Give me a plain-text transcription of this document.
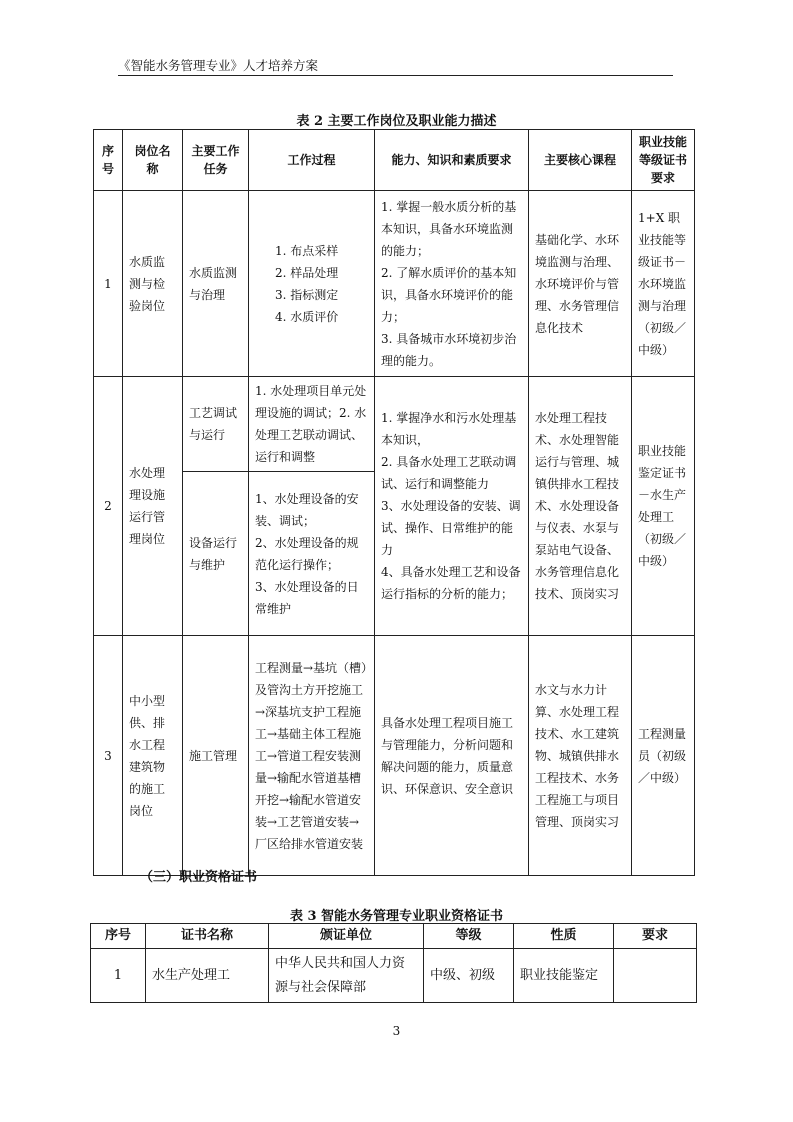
《智能水务管理专业》人才培养方案
表 2 主要工作岗位及职业能力描述
序号	岗位名称	主要工作任务	工作过程	能力、知识和素质要求	主要核心课程	职业技能等级证书要求
1	水质监测与检验岗位	水质监测与治理	1. 布点采样
2. 样品处理
3. 指标测定
4. 水质评价	1. 掌握一般水质分析的基本知识，具备水环境监测的能力；
2. 了解水质评价的基本知识，具备水环境评价的能力；
3. 具备城市水环境初步治理的能力。	基础化学、水环境监测与治理、水环境评价与管理、水务管理信息化技术	1+X 职业技能等级证书－水环境监测与治理（初级／中级）
2	水处理理设施运行管理岗位	工艺调试与运行	1. 水处理项目单元处理设施的调试；2. 水处理工艺联动调试、运行和调整	1. 掌握净水和污水处理基本知识，
2. 具备水处理工艺联动调试、运行和调整能力
3、水处理设备的安装、调试、操作、日常维护的能力
4、具备水处理工艺和设备运行指标的分析的能力；	水处理工程技术、水处理智能运行与管理、城镇供排水工程技术、水处理设备与仪表、水泵与泵站电气设备、水务管理信息化技术、顶岗实习	职业技能鉴定证书－水生产处理工（初级／中级）
		设备运行与维护	1、水处理设备的安装、调试；
2、水处理设备的规范化运行操作；
3、水处理设备的日常维护			
3	中小型供、排水工程建筑物的施工岗位	施工管理	工程测量→基坑（槽）及管沟土方开挖施工→深基坑支护工程施工→基础主体工程施工→管道工程安装测量→输配水管道基槽开挖→输配水管道安装→工艺管道安装→厂区给排水管道安装	具备水处理工程项目施工与管理能力，分析问题和解决问题的能力，质量意识、环保意识、安全意识	水文与水力计算、水处理工程技术、水工建筑物、城镇供排水工程技术、水务工程施工与项目管理、顶岗实习	工程测量员（初级／中级）
（三）职业资格证书
表 3 智能水务管理专业职业资格证书
序号	证书名称	颁证单位	等级	性质	要求
1	水生产处理工	中华人民共和国人力资源与社会保障部	中级、初级	职业技能鉴定	
3
